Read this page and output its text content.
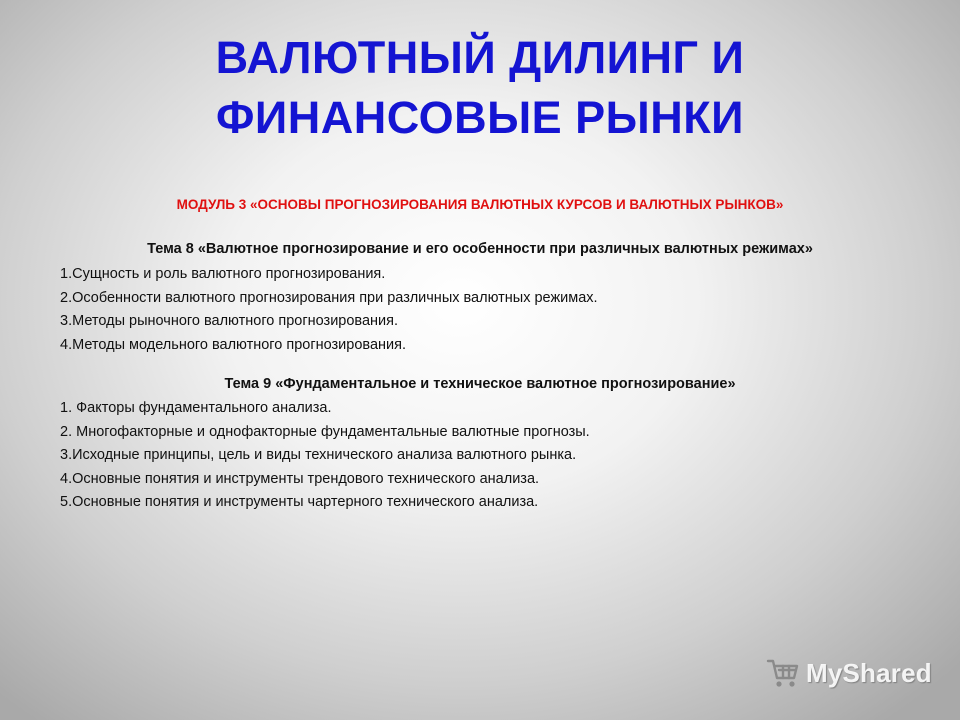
ВАЛЮТНЫЙ ДИЛИНГ И
ФИНАНСОВЫЕ РЫНКИ
МОДУЛЬ 3 «ОСНОВЫ ПРОГНОЗИРОВАНИЯ ВАЛЮТНЫХ КУРСОВ И ВАЛЮТНЫХ РЫНКОВ»
Тема 8 «Валютное прогнозирование и его особенности при различных валютных режимах»
1.Сущность и роль валютного прогнозирования.
2.Особенности валютного прогнозирования при различных валютных режимах.
3.Методы рыночного валютного прогнозирования.
4.Методы модельного валютного прогнозирования.
Тема 9 «Фундаментальное и техническое валютное прогнозирование»
1. Факторы фундаментального анализа.
2. Многофакторные и однофакторные фундаментальные валютные прогнозы.
3.Исходные принципы, цель и виды технического анализа валютного рынка.
4.Основные понятия и инструменты трендового технического анализа.
5.Основные понятия и инструменты чартерного технического анализа.
MyShared
